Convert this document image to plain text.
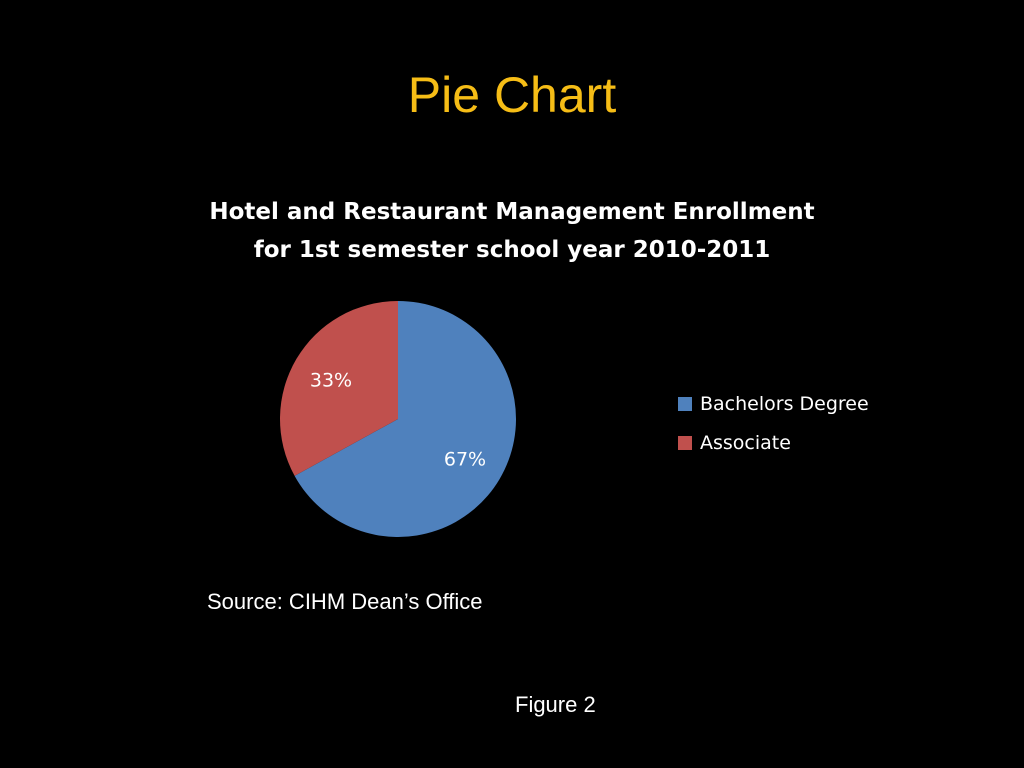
Pie Chart
Hotel and Restaurant Management Enrollment
for 1st semester school year 2010-2011
67%
33%
Bachelors Degree
Associate
Source: CIHM Dean’s Office
Figure 2
